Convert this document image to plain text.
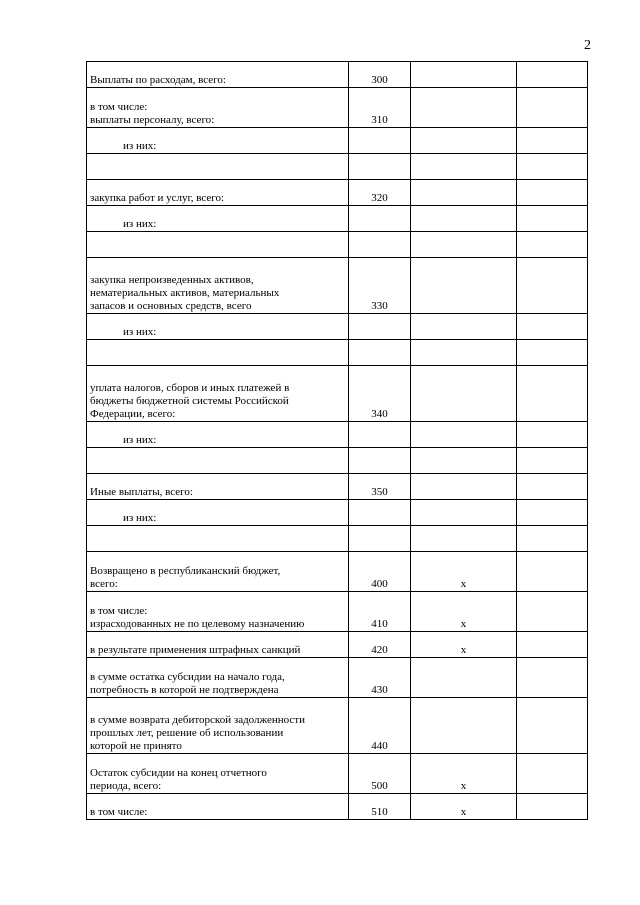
2
Выплаты по расходам, всего:	300		
в том числе:
выплаты персоналу, всего:	310		
из них:			

закупка работ и услуг, всего:	320		
из них:			

закупка непроизведенных активов,
нематериальных активов, материальных
запасов и основных средств, всего	330		
из них:			

уплата налогов, сборов и иных платежей в
бюджеты бюджетной системы Российской
Федерации, всего:	340		
из них:			

Иные выплаты, всего:	350		
из них:			

Возвращено в республиканский бюджет,
всего:	400	x	
в том числе:
израсходованных не по целевому назначению	410	x	
в результате применения штрафных санкций	420	x	
в сумме остатка субсидии на начало года,
потребность в которой не подтверждена	430		
в сумме возврата дебиторской задолженности
прошлых лет, решение об использовании
которой не принято	440		
Остаток субсидии на конец отчетного
периода, всего:	500	x	
в том числе:	510	x	
